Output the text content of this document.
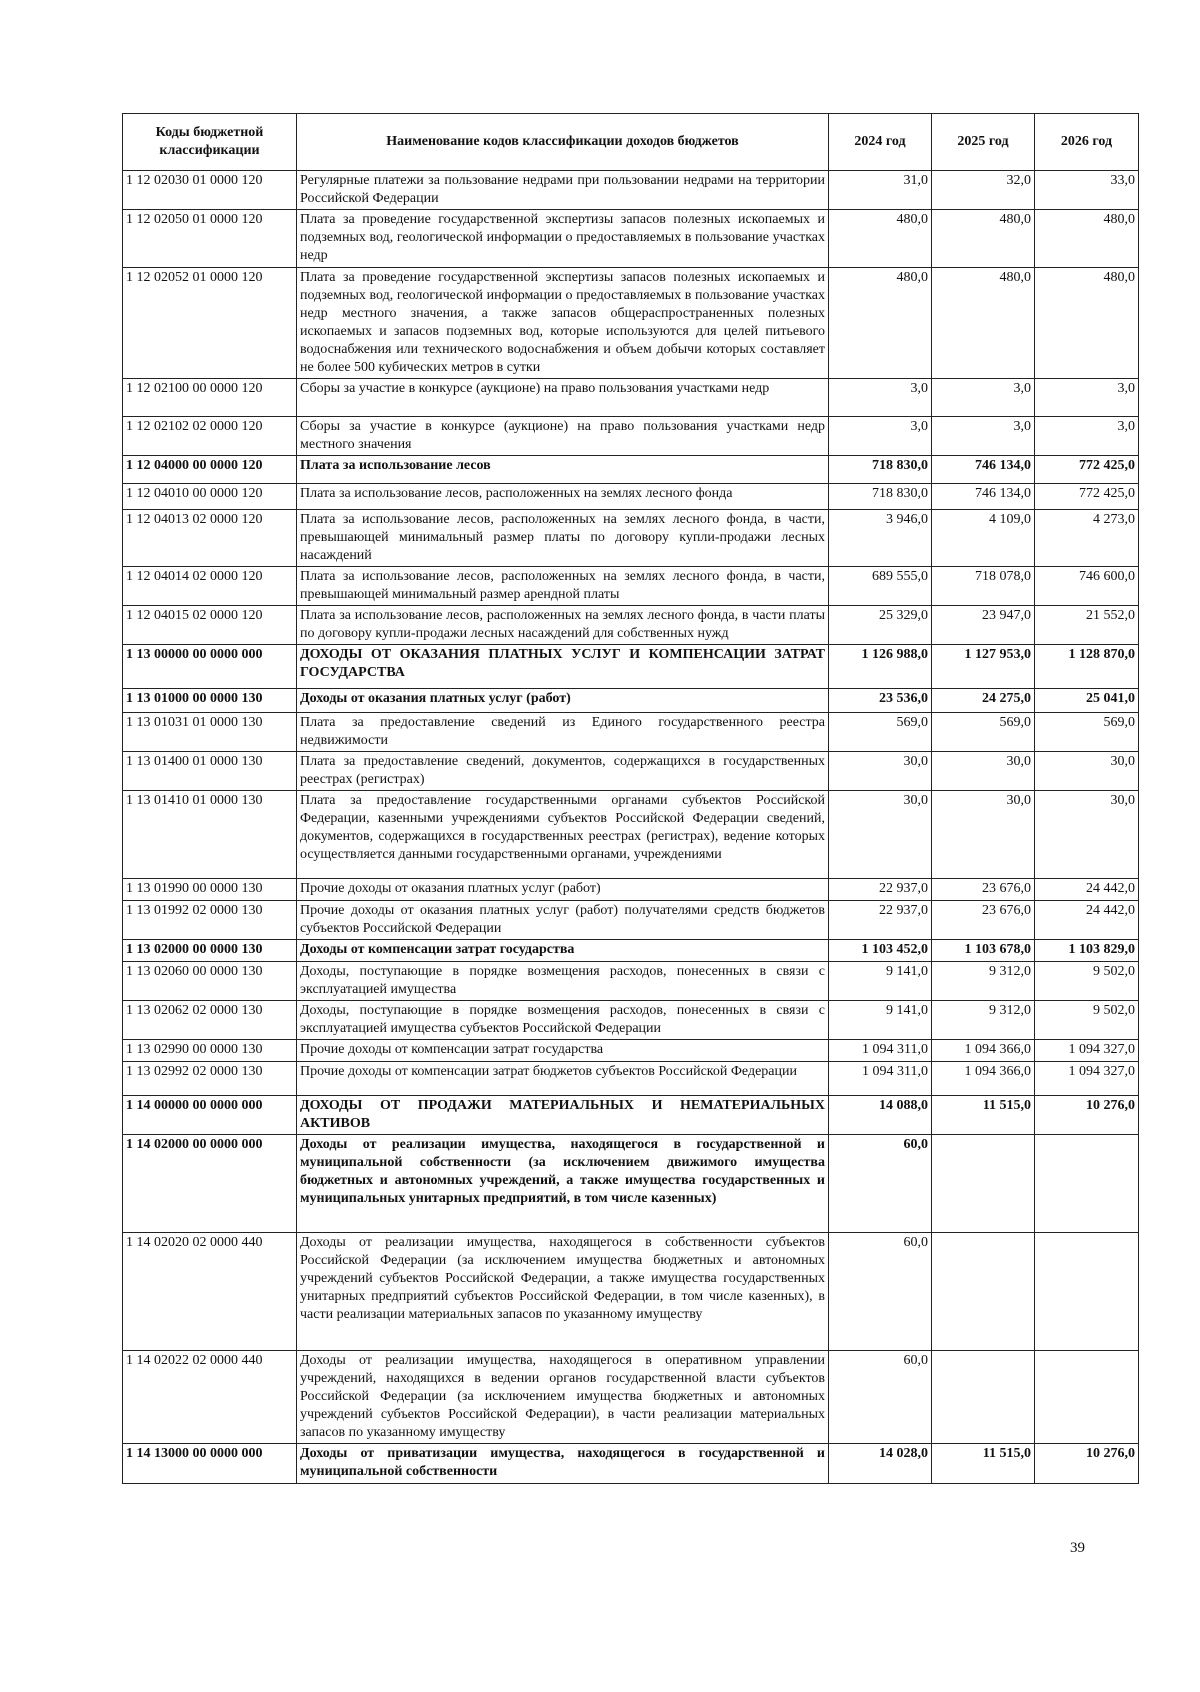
Коды бюджетной классификации	Наименование кодов классификации доходов бюджетов	2024 год	2025 год	2026 год
1 12 02030 01 0000 120	Регулярные платежи за пользование недрами при пользовании недрами на территории Российской Федерации	31,0	32,0	33,0
1 12 02050 01 0000 120	Плата за проведение государственной экспертизы запасов полезных ископаемых и подземных вод, геологической информации о предоставляемых в пользование участках недр	480,0	480,0	480,0
1 12 02052 01 0000 120	Плата за проведение государственной экспертизы запасов полезных ископаемых и подземных вод, геологической информации о предоставляемых в пользование участках недр местного значения, а также запасов общераспространенных полезных ископаемых и запасов подземных вод, которые используются для целей питьевого водоснабжения или технического водоснабжения и объем добычи которых составляет не более 500 кубических метров в сутки	480,0	480,0	480,0
1 12 02100 00 0000 120	Сборы за участие в конкурсе (аукционе) на право пользования участками недр	3,0	3,0	3,0
1 12 02102 02 0000 120	Сборы за участие в конкурсе (аукционе) на право пользования участками недр местного значения	3,0	3,0	3,0
1 12 04000 00 0000 120	Плата за использование лесов	718 830,0	746 134,0	772 425,0
1 12 04010 00 0000 120	Плата за использование лесов, расположенных на землях лесного фонда	718 830,0	746 134,0	772 425,0
1 12 04013 02 0000 120	Плата за использование лесов, расположенных на землях лесного фонда, в части, превышающей минимальный размер платы по договору купли-продажи лесных насаждений	3 946,0	4 109,0	4 273,0
1 12 04014 02 0000 120	Плата за использование лесов, расположенных на землях лесного фонда, в части, превышающей минимальный размер арендной платы	689 555,0	718 078,0	746 600,0
1 12 04015 02 0000 120	Плата за использование лесов, расположенных на землях лесного фонда, в части платы по договору купли-продажи лесных насаждений для собственных нужд	25 329,0	23 947,0	21 552,0
1 13 00000 00 0000 000	ДОХОДЫ ОТ ОКАЗАНИЯ ПЛАТНЫХ УСЛУГ И КОМПЕНСАЦИИ ЗАТРАТ ГОСУДАРСТВА	1 126 988,0	1 127 953,0	1 128 870,0
1 13 01000 00 0000 130	Доходы от оказания платных услуг (работ)	23 536,0	24 275,0	25 041,0
1 13 01031 01 0000 130	Плата за предоставление сведений из Единого государственного реестра недвижимости	569,0	569,0	569,0
1 13 01400 01 0000 130	Плата за предоставление сведений, документов, содержащихся в государственных реестрах (регистрах)	30,0	30,0	30,0
1 13 01410 01 0000 130	Плата за предоставление государственными органами субъектов Российской Федерации, казенными учреждениями субъектов Российской Федерации сведений, документов, содержащихся в государственных реестрах (регистрах), ведение которых осуществляется данными государственными органами, учреждениями	30,0	30,0	30,0
1 13 01990 00 0000 130	Прочие доходы от оказания платных услуг (работ)	22 937,0	23 676,0	24 442,0
1 13 01992 02 0000 130	Прочие доходы от оказания платных услуг (работ) получателями средств бюджетов субъектов Российской Федерации	22 937,0	23 676,0	24 442,0
1 13 02000 00 0000 130	Доходы от компенсации затрат государства	1 103 452,0	1 103 678,0	1 103 829,0
1 13 02060 00 0000 130	Доходы, поступающие в порядке возмещения расходов, понесенных в связи с эксплуатацией имущества	9 141,0	9 312,0	9 502,0
1 13 02062 02 0000 130	Доходы, поступающие в порядке возмещения расходов, понесенных в связи с эксплуатацией имущества субъектов Российской Федерации	9 141,0	9 312,0	9 502,0
1 13 02990 00 0000 130	Прочие доходы от компенсации затрат государства	1 094 311,0	1 094 366,0	1 094 327,0
1 13 02992 02 0000 130	Прочие доходы от компенсации затрат бюджетов субъектов Российской Федерации	1 094 311,0	1 094 366,0	1 094 327,0
1 14 00000 00 0000 000	ДОХОДЫ ОТ ПРОДАЖИ МАТЕРИАЛЬНЫХ И НЕМАТЕРИАЛЬНЫХ АКТИВОВ	14 088,0	11 515,0	10 276,0
1 14 02000 00 0000 000	Доходы от реализации имущества, находящегося в государственной и муниципальной собственности (за исключением движимого имущества бюджетных и автономных учреждений, а также имущества государственных и муниципальных унитарных предприятий, в том числе казенных)	60,0		
1 14 02020 02 0000 440	Доходы от реализации имущества, находящегося в собственности субъектов Российской Федерации (за исключением имущества бюджетных и автономных учреждений субъектов Российской Федерации, а также имущества государственных унитарных предприятий субъектов Российской Федерации, в том числе казенных), в части реализации материальных запасов по указанному имуществу	60,0		
1 14 02022 02 0000 440	Доходы от реализации имущества, находящегося в оперативном управлении учреждений, находящихся в ведении органов государственной власти субъектов Российской Федерации (за исключением имущества бюджетных и автономных учреждений субъектов Российской Федерации), в части реализации материальных запасов по указанному имуществу	60,0		
1 14 13000 00 0000 000	Доходы от приватизации имущества, находящегося в государственной и муниципальной собственности	14 028,0	11 515,0	10 276,0
39
